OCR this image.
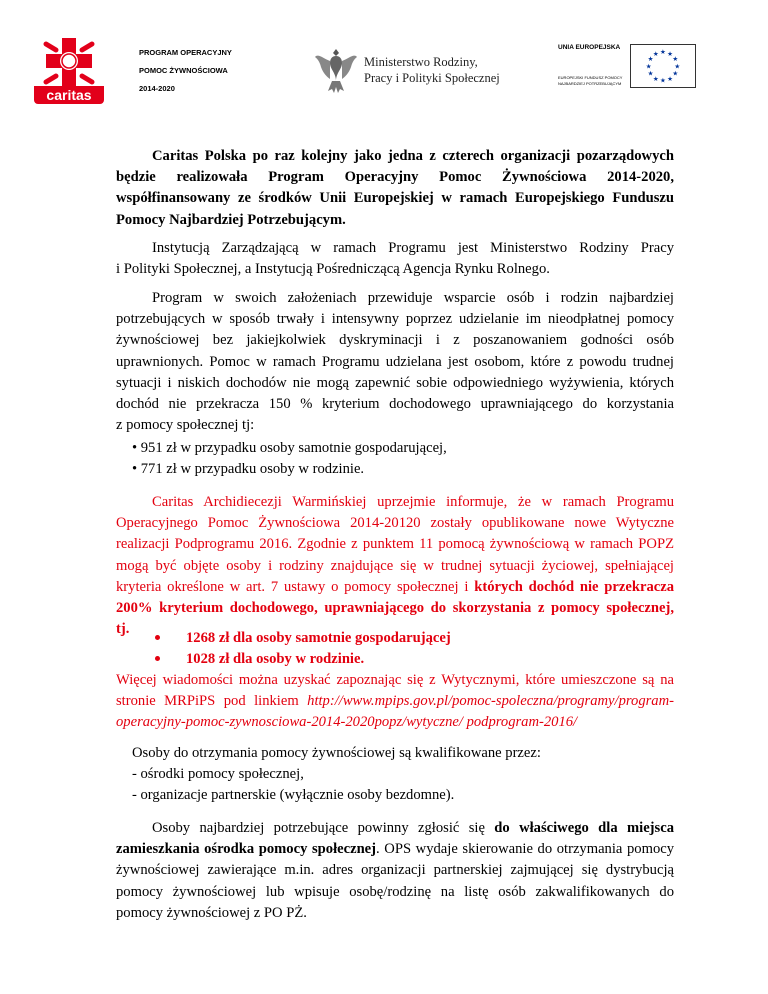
caritas
PROGRAM OPERACYJNY
POMOC ŻYWNOŚCIOWA
2014-2020
Ministerstwo Rodziny,
Pracy i Polityki Społecznej
UNIA EUROPEJSKA
EUROPEJSKI FUNDUSZ POMOCY
NAJBARDZIEJ POTRZEBUJĄCYM
★ ★
★
★
★
★
★
★
★
★
★
★
Caritas Polska po raz kolejny jako jedna z czterech organizacji pozarządowych
będzie realizowała Program Operacyjny Pomoc Żywnościowa 2014-2020,
współfinansowany ze środków Unii Europejskiej w ramach Europejskiego Funduszu
Pomocy Najbardziej Potrzebującym.
Instytucją Zarządzającą w ramach Programu jest Ministerstwo Rodziny Pracy
i Polityki Społecznej, a Instytucją Pośredniczącą Agencja Rynku Rolnego.
Program w swoich założeniach przewiduje wsparcie osób i rodzin najbardziej
potrzebujących w sposób trwały i intensywny poprzez udzielanie im nieodpłatnej pomocy
żywnościowej bez jakiejkolwiek dyskryminacji i z poszanowaniem godności osób
uprawnionych. Pomoc w ramach Programu udzielana jest osobom, które z powodu trudnej
sytuacji i niskich dochodów nie mogą zapewnić sobie odpowiedniego wyżywienia, których
dochód nie przekracza 150 % kryterium dochodowego uprawniającego do korzystania
z pomocy społecznej tj:
• 951 zł w przypadku osoby samotnie gospodarującej,
• 771 zł w przypadku osoby w rodzinie.
Caritas Archidiecezji Warmińskiej uprzejmie informuje, że w ramach Programu
Operacyjnego Pomoc Żywnościowa 2014-20120 zostały opublikowane nowe Wytyczne
realizacji Podprogramu 2016. Zgodnie z punktem 11 pomocą żywnościową w ramach POPZ
mogą być objęte osoby i rodziny znajdujące się w trudnej sytuacji życiowej, spełniającej
kryteria określone w art. 7 ustawy o pomocy społecznej i których dochód nie przekracza
200% kryterium dochodowego, uprawniającego do skorzystania z pomocy społecznej,
tj.
1268 zł dla osoby samotnie gospodarującej
1028 zł dla osoby w rodzinie.
Więcej wiadomości można uzyskać zapoznając się z Wytycznymi, które umieszczone są na
stronie MRPiPS pod linkiem http://www.mpips.gov.pl/pomoc-spoleczna/programy/program-
operacyjny-pomoc-zywnosciowa-2014-2020popz/wytyczne/ podprogram-2016/
Osoby do otrzymania pomocy żywnościowej są kwalifikowane przez:
- ośrodki pomocy społecznej,
- organizacje partnerskie (wyłącznie osoby bezdomne).
Osoby najbardziej potrzebujące powinny zgłosić się do właściwego dla miejsca
zamieszkania ośrodka pomocy społecznej. OPS wydaje skierowanie do otrzymania pomocy
żywnościowej zawierające m.in. adres organizacji partnerskiej zajmującej się dystrybucją
pomocy żywnościowej lub wpisuje osobę/rodzinę na listę osób zakwalifikowanych do
pomocy żywnościowej z PO PŻ.
